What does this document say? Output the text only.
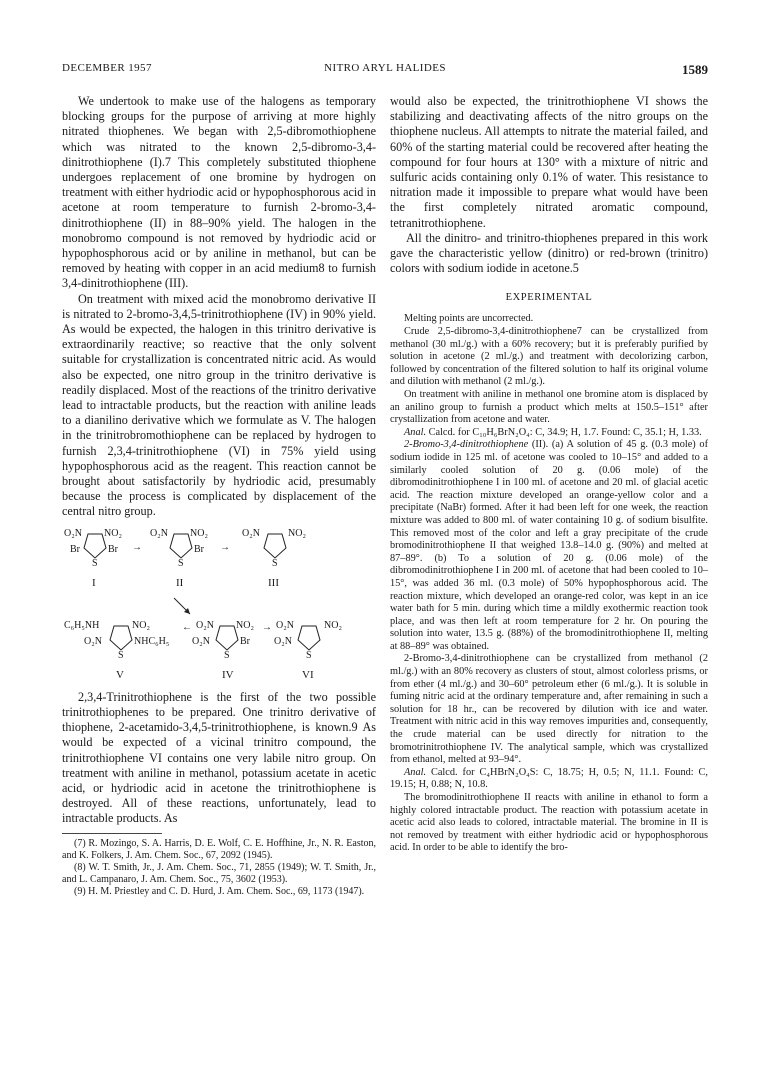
DECEMBER 1957	NITRO ARYL HALIDES	1589

We undertook to make use of the halogens as temporary blocking groups for the purpose of arriving at more highly nitrated thiophenes. We began with 2,5-dibromothiophene which was nitrated to the known 2,5-dibromo-3,4-dinitrothiophene (I).7 This completely substituted thiophene undergoes replacement of one bromine by hydrogen on treatment with either hydriodic acid or hypophosphorous acid in acetone at room temperature to furnish 2-bromo-3,4-dinitrothiophene (II) in 88–90% yield. The halogen in the monobromo compound is not removed by hydriodic acid or hypophosphorous acid or by aniline in methanol, but can be removed by heating with copper in an acid medium8 to furnish 3,4-dinitrothiophene (III).

On treatment with mixed acid the monobromo derivative II is nitrated to 2-bromo-3,4,5-trinitrothiophene (IV) in 90% yield. As would be expected, the halogen in this trinitro derivative is extraordinarily reactive; so reactive that the only solvent suitable for crystallization is concentrated nitric acid. As would also be expected, one nitro group in the trinitro derivative is readily displaced. Most of the reactions of the trinitro derivative lead to intractable products, but the reaction with aniline leads to a dianilino derivative which we formulate as V. The halogen in the trinitrobromothiophene can be replaced by hydrogen to furnish 2,3,4-trinitrothiophene (VI) in 75% yield using hypophosphorous acid as the reagent. This reaction cannot be brought about satisfactorily by hydriodic acid, presumably because the process is complicated by displacement of the central nitro group.

O₂N NO₂
Br	Br
S
I
→
O₂N NO₂
Br
S
II
→
O₂N	NO₂
S
III
C₆H₅NH	NO₂
O₂N	NHC₆H₅
S
V
← O₂N NO₂
O₂N	Br
S
IV
→ O₂N	NO₂
O₂N
S
VI

2,3,4-Trinitrothiophene is the first of the two possible trinitrothiophenes to be prepared. One trinitro derivative of thiophene, 2-acetamido-3,4,5-trinitrothiophene, is known.9 As would be expected of a vicinal trinitro compound, the trinitrothiophene VI contains one very labile nitro group. On treatment with aniline in methanol, potassium acetate in acetic acid, or hydriodic acid in acetone the trinitrothiophene is destroyed. All of these reactions, unfortunately, lead to intractable products. As

(7) R. Mozingo, S. A. Harris, D. E. Wolf, C. E. Hoffhine, Jr., N. R. Easton, and K. Folkers, J. Am. Chem. Soc., 67, 2092 (1945).

(8) W. T. Smith, Jr., J. Am. Chem. Soc., 71, 2855 (1949); W. T. Smith, Jr., and L. Campanaro, J. Am. Chem. Soc., 75, 3602 (1953).

(9) H. M. Priestley and C. D. Hurd, J. Am. Chem. Soc., 69, 1173 (1947).

would also be expected, the trinitrothiophene VI shows the stabilizing and deactivating affects of the nitro groups on the thiophene nucleus. All attempts to nitrate the material failed, and 60% of the starting material could be recovered after heating the compound for four hours at 130° with a mixture of nitric and sulfuric acids containing only 0.1% of water. This resistance to nitration made it impossible to prepare what would have been the first completely nitrated aromatic compound, tetranitrothiophene.

All the dinitro- and trinitro-thiophenes prepared in this work gave the characteristic yellow (dinitro) or red-brown (trinitro) colors with sodium iodide in acetone.5

EXPERIMENTAL

Melting points are uncorrected.

Crude 2,5-dibromo-3,4-dinitrothiophene7 can be crystallized from methanol (30 ml./g.) with a 60% recovery; but it is preferably purified by solution in acetone (2 ml./g.) and treatment with decolorizing carbon, followed by concentration of the filtered solution to half its original volume and dilution with methanol (2 ml./g.).

On treatment with aniline in methanol one bromine atom is displaced by an anilino group to furnish a product which melts at 150.5–151° after crystallization from acetone and water.

Anal. Calcd. for C₁₀H₆BrN₂O₄: C, 34.9; H, 1.7. Found: C, 35.1; H, 1.33.

2-Bromo-3,4-dinitrothiophene (II). (a) A solution of 45 g. (0.3 mole) of sodium iodide in 125 ml. of acetone was cooled to 10–15° and added to a similarly cooled solution of 20 g. (0.06 mole) of the dibromodinitrothiophene I in 100 ml. of acetone and 20 ml. of glacial acetic acid. The reaction mixture developed an orange-yellow color and a precipitate (NaBr) formed. After it had been left for one week, the reaction mixture was added to 800 ml. of water containing 10 g. of sodium bisulfite. This removed most of the color and left a gray precipitate of the crude bromodinitrothiophene II that weighed 13.8–14.0 g. (90%) and melted at 87–89°. (b) To a solution of 20 g. (0.06 mole) of the dibromodinitrothiophene I in 200 ml. of acetone that had been cooled to 10–15°, was added 36 ml. (0.3 mole) of 50% hypophosphorous acid. The reaction mixture, which developed an orange-red color, was kept in an ice water bath for 5 min. during which time a mildly exothermic reaction took place, and was then left at room temperature for 2 hr. On pouring the solution into water, 13.5 g. (88%) of the bromodinitrothiophene II, melting at 88–89° was obtained.

2-Bromo-3,4-dinitrothiophene can be crystallized from methanol (2 ml./g.) with an 80% recovery as clusters of stout, almost colorless prisms, or from ether (4 ml./g.) and 30–60° petroleum ether (6 ml./g.). It is soluble in fuming nitric acid at the ordinary temperature and, after remaining in such a solution for 18 hr., can be recovered by dilution with ice and water. Treatment with nitric acid in this way removes impurities and, consequently, the crude material can be used directly for nitration to the bromotrinitrothiophene IV. The analytical sample, which was crystallized from ethanol, melted at 93–94°.

Anal. Calcd. for C₄HBrN₂O₄S: C, 18.75; H, 0.5; N, 11.1. Found: C, 19.15; H, 0.88; N, 10.8.

The bromodinitrothiophene II reacts with aniline in ethanol to form a highly colored intractable product. The reaction with potassium acetate in acetic acid also leads to colored, intractable material. The bromine in II is not removed by treatment with either hydriodic acid or hypophosphorous acid. In order to be able to identify the bro-
